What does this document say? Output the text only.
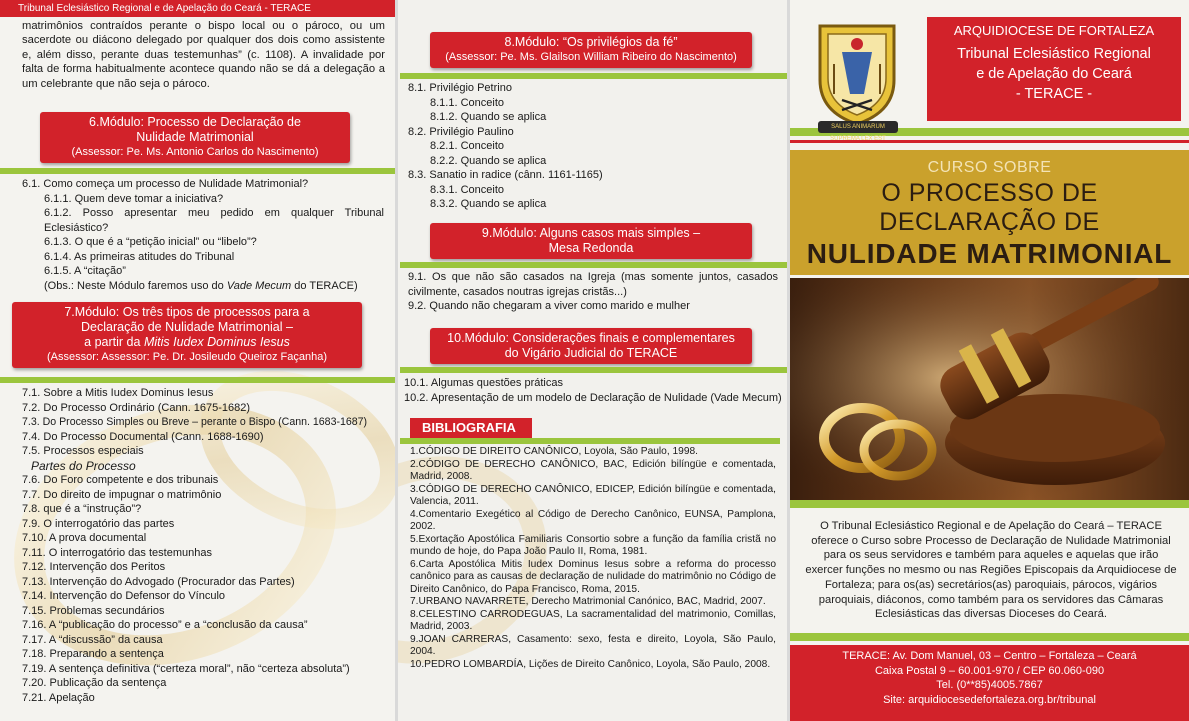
Tribunal Eclesiástico Regional e de Apelação do Ceará - TERACE
matrimônios contraídos perante o bispo local ou o pároco, ou um sacerdote ou diácono delegado por qualquer dos dois como assistente e, além disso, perante duas testemunhas” (c. 1108). A invalidade por falta de forma habitualmente acontece quando não se dá a delegação a um celebrante que não seja o pároco.
6.Módulo: Processo de Declaração de
Nulidade Matrimonial
(Assessor: Pe. Ms. Antonio Carlos do Nascimento)
6.1. Como começa um processo de Nulidade Matrimonial?
6.1.1. Quem deve tomar a iniciativa?
6.1.2. Posso apresentar meu pedido em qualquer Tribunal Eclesiástico?
6.1.3. O que é a “petição inicial” ou “libelo”?
6.1.4. As primeiras atitudes do Tribunal
6.1.5. A “citação”
(Obs.: Neste Módulo faremos uso do Vade Mecum do TERACE)
7.Módulo: Os três tipos de processos para a
Declaração de Nulidade Matrimonial –
a partir da Mitis Iudex Dominus Iesus
(Assessor: Assessor: Pe. Dr. Josileudo Queiroz Façanha)
7.1. Sobre a Mitis Iudex Dominus Iesus
7.2. Do Processo Ordinário (Cann. 1675-1682)
7.3. Do Processo Simples ou Breve – perante o Bispo (Cann. 1683-1687)
7.4. Do Processo Documental (Cann. 1688-1690)
7.5. Processos especiais
Partes do Processo
7.6. Do Foro competente e dos tribunais
7.7. Do direito de impugnar o matrimônio
7.8. que é a “instrução”?
7.9. O interrogatório das partes
7.10. A prova documental
7.11. O interrogatório das testemunhas
7.12. Intervenção dos Peritos
7.13. Intervenção do Advogado (Procurador das Partes)
7.14. Intervenção do Defensor do Vínculo
7.15. Problemas secundários
7.16. A “publicação do processo” e a “conclusão da causa”
7.17. A “discussão” da causa
7.18. Preparando a sentença
7.19. A sentença definitiva (“certeza moral”, não “certeza absoluta”)
7.20. Publicação da sentença
7.21. Apelação
8.Módulo: “Os privilégios da fé”
(Assessor: Pe. Ms. Glailson William Ribeiro do Nascimento)
8.1. Privilégio Petrino
8.1.1. Conceito
8.1.2. Quando se aplica
8.2. Privilégio Paulino
8.2.1. Conceito
8.2.2. Quando se aplica
8.3. Sanatio in radice (cânn. 1161-1165)
8.3.1. Conceito
8.3.2. Quando se aplica
9.Módulo: Alguns casos mais simples –
Mesa Redonda
9.1. Os que não são casados na Igreja (mas somente juntos, casados civilmente, casados noutras igrejas cristãs...)
9.2. Quando não chegaram a viver como marido e mulher
10.Módulo: Considerações finais e complementares
do Vigário Judicial do TERACE
10.1. Algumas questões práticas
10.2. Apresentação de um modelo de Declaração de Nulidade (Vade Mecum)
BIBLIOGRAFIA

1.CÓDIGO DE DIREITO CANÔNICO, Loyola, São Paulo, 1998.

2.CÓDIGO DE DERECHO CANÔNICO, BAC, Edición bilíngüe e comentada, Madrid, 2008.

3.CÓDIGO DE DERECHO CANÔNICO, EDICEP, Edición bilíngüe e comentada, Valencia, 2011.

4.Comentario Exegético al Código de Derecho Canônico, EUNSA, Pamplona, 2002.

5.Exortação Apostólica Familiaris Consortio sobre a função da família cristã no mundo de hoje, do Papa João Paulo II, Roma, 1981.

6.Carta Apostólica Mitis Iudex Dominus Iesus sobre a reforma do processo canônico para as causas de declaração de nulidade do matrimônio no Código de Direito Canônico, do Papa Francisco, Roma, 2015.

7.URBANO NAVARRETE, Derecho Matrimonial Canónico, BAC, Madrid, 2007.

8.CELESTINO CARRODEGUAS, La sacramentalidad del matrimonio, Comillas, Madrid, 2003.

9.JOAN CARRERAS, Casamento: sexo, festa e direito, Loyola, São Paulo, 2004.

10.PEDRO LOMBARDÍA, Lições de Direito Canônico, Loyola, São Paulo, 2008.

SALUS ANIMARUM SUPREMA LEX EST
ARQUIDIOCESE DE FORTALEZA
Tribunal Eclesiástico Regional
e de Apelação do Ceará
- TERACE -
CURSO SOBRE
O PROCESSO DE DECLARAÇÃO DE
NULIDADE MATRIMONIAL
O Tribunal Eclesiástico Regional e de Apelação do Ceará – TERACE oferece o Curso sobre Processo de Declaração de Nulidade Matrimonial para os seus servidores e também para aqueles e aquelas que irão exercer funções no mesmo ou nas Regiões Episcopais da Arquidiocese de Fortaleza; para os(as) secretários(as) paroquiais, párocos, vigários paroquiais, diáconos, como também para os servidores das Câmaras Eclesiásticas das diversas Dioceses do Ceará.
TERACE: Av. Dom Manuel, 03 – Centro – Fortaleza – Ceará
Caixa Postal 9 – 60.001-970 / CEP 60.060-090
Tel. (0**85)4005.7867
Site: arquidiocesedefortaleza.org.br/tribunal
